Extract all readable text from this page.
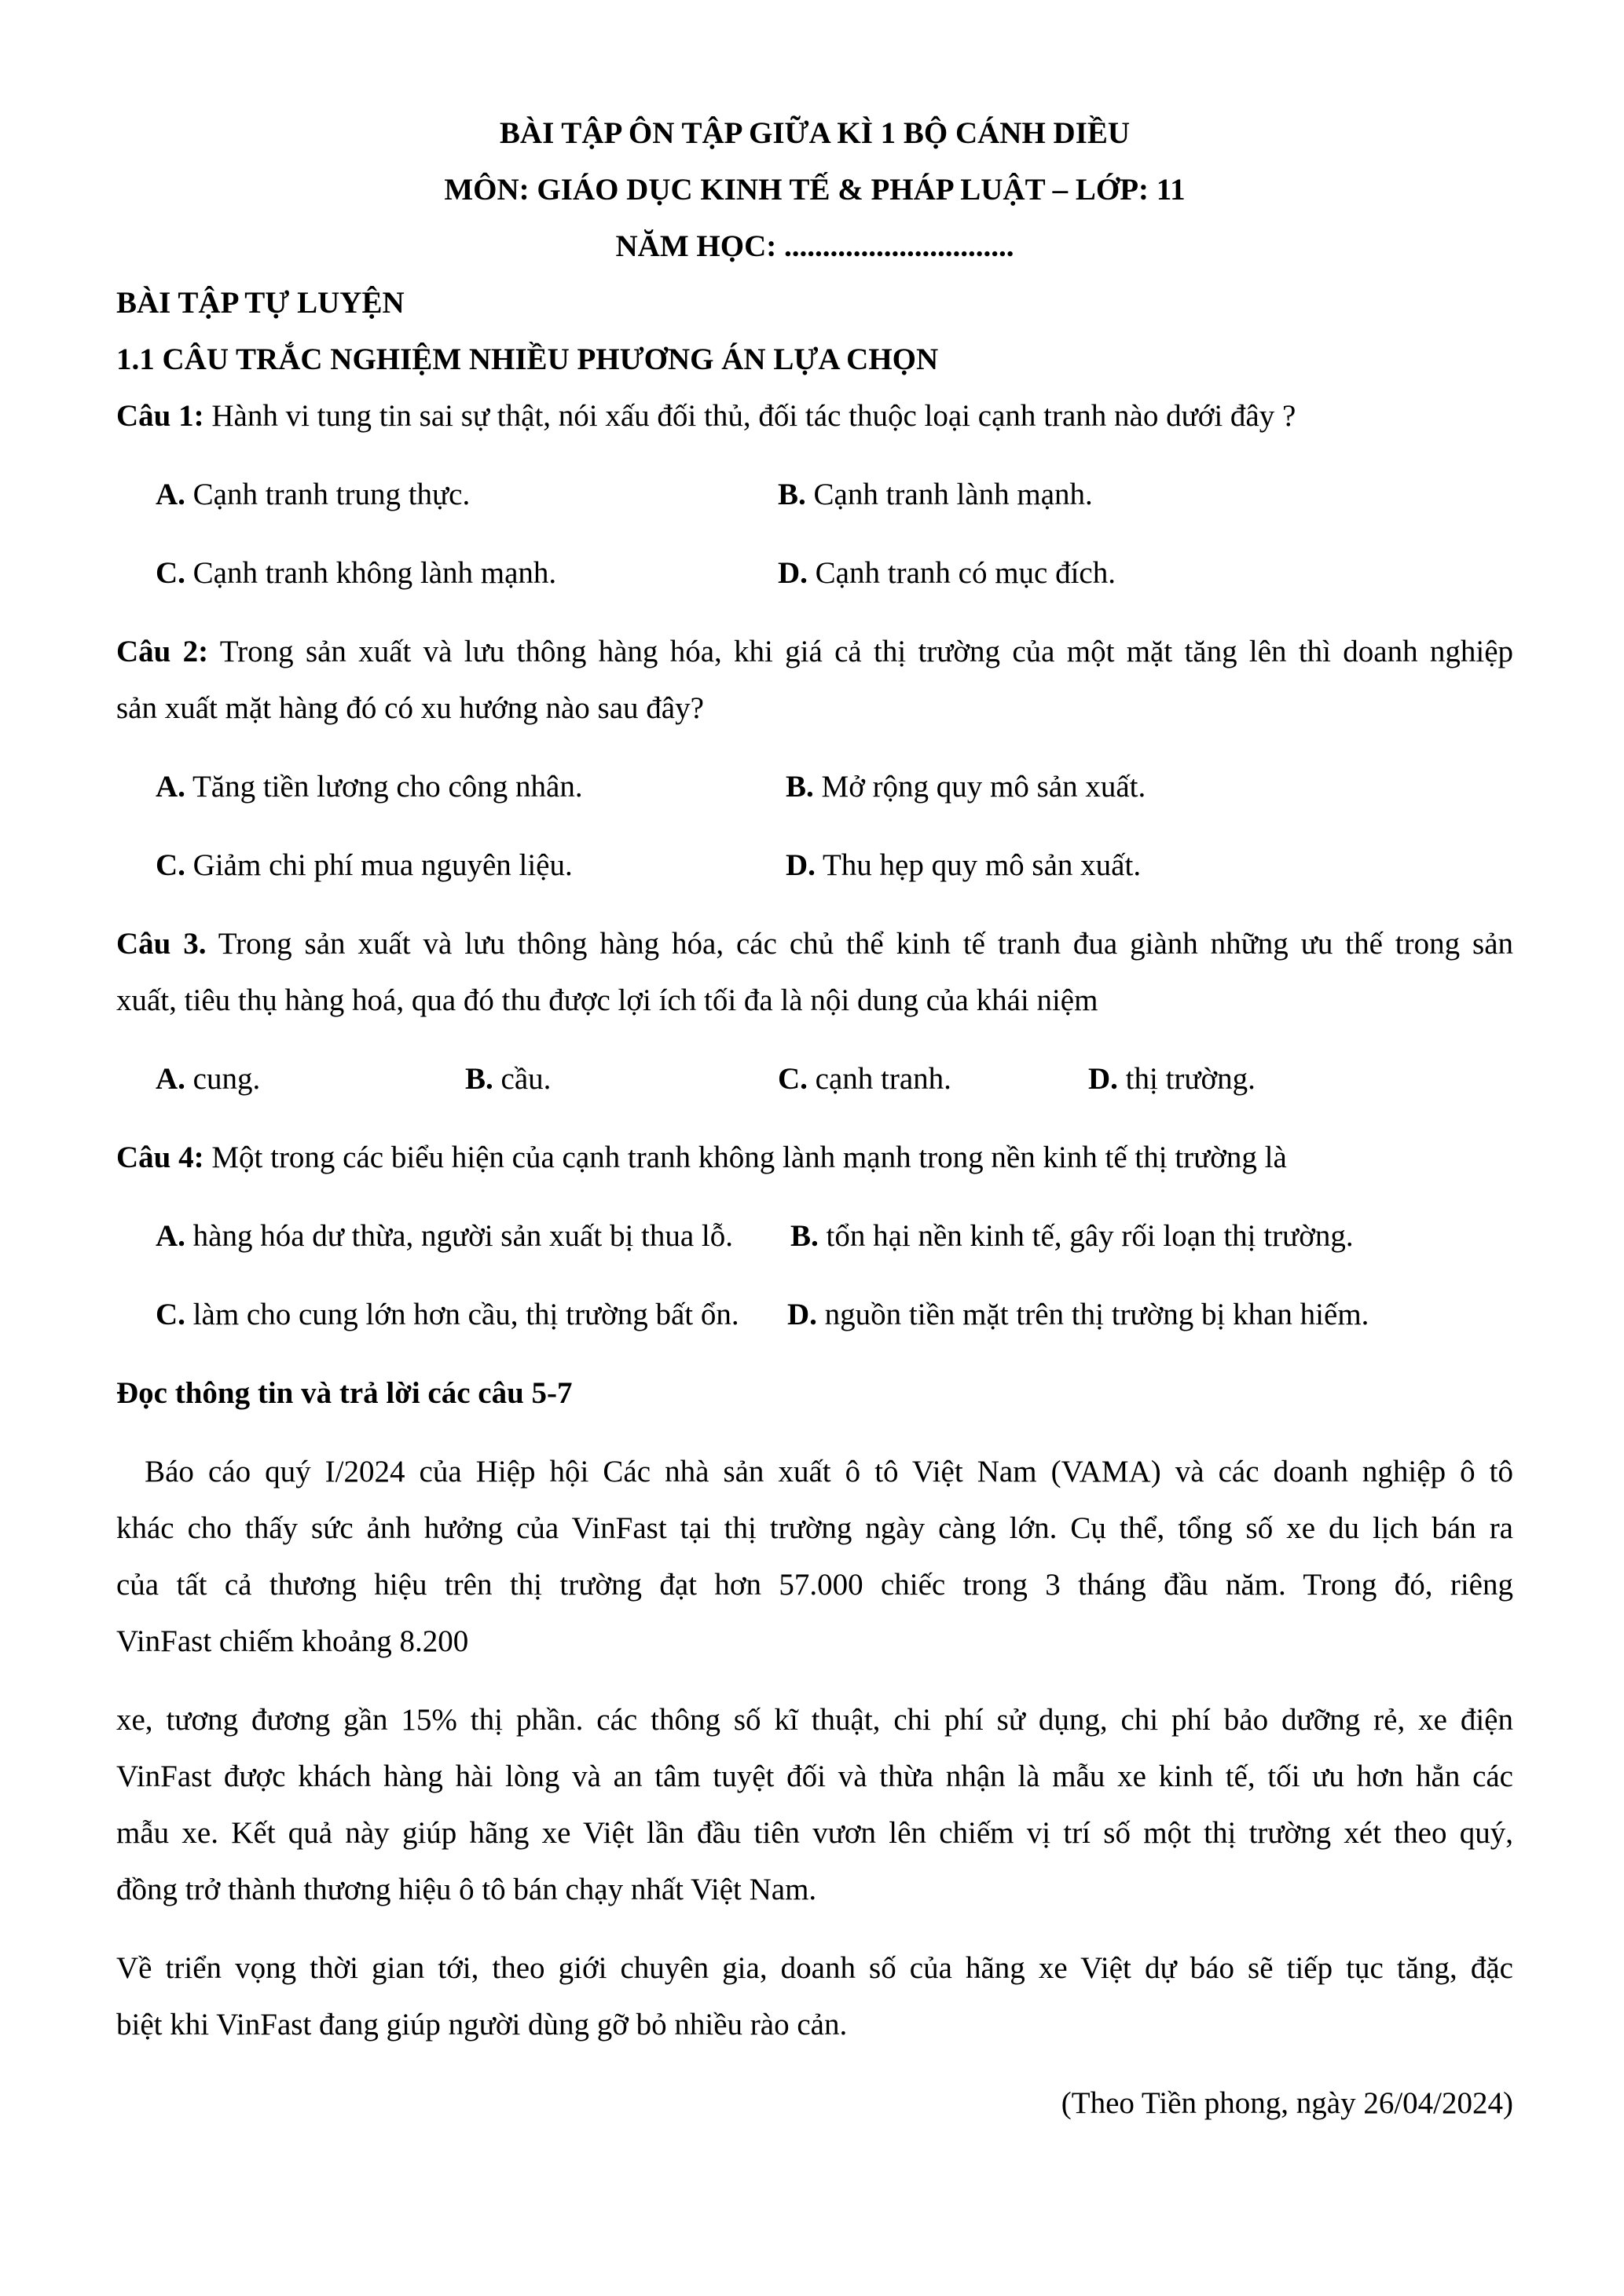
BÀI TẬP ÔN TẬP GIỮA KÌ 1 BỘ CÁNH DIỀU
MÔN: GIÁO DỤC KINH TẾ & PHÁP LUẬT – LỚP: 11
NĂM HỌC: ..............................
BÀI TẬP TỰ LUYỆN
1.1 CÂU TRẮC NGHIỆM NHIỀU PHƯƠNG ÁN LỰA CHỌN
Câu 1: Hành vi tung tin sai sự thật, nói xấu đối thủ, đối tác thuộc loại cạnh tranh nào dưới đây ?
A. Cạnh tranh trung thực.	B. Cạnh tranh lành mạnh.
C. Cạnh tranh không lành mạnh.	D. Cạnh tranh có mục đích.
Câu 2: Trong sản xuất và lưu thông hàng hóa, khi giá cả thị trường của một mặt tăng lên thì doanh nghiệp
sản xuất mặt hàng đó có xu hướng nào sau đây?
A. Tăng tiền lương cho công nhân.	B. Mở rộng quy mô sản xuất.
C. Giảm chi phí mua nguyên liệu.	D. Thu hẹp quy mô sản xuất.
Câu 3. Trong sản xuất và lưu thông hàng hóa, các chủ thể kinh tế tranh đua giành những ưu thế trong sản
xuất, tiêu thụ hàng hoá, qua đó thu được lợi ích tối đa là nội dung của khái niệm
A. cung.	B. cầu.	C. cạnh tranh.	D. thị trường.
Câu 4: Một trong các biểu hiện của cạnh tranh không lành mạnh trong nền kinh tế thị trường là
A. hàng hóa dư thừa, người sản xuất bị thua lỗ. B. tổn hại nền kinh tế, gây rối loạn thị trường.
C. làm cho cung lớn hơn cầu, thị trường bất ổn. D. nguồn tiền mặt trên thị trường bị khan hiếm.
Đọc thông tin và trả lời các câu 5-7
Báo cáo quý I/2024 của Hiệp hội Các nhà sản xuất ô tô Việt Nam (VAMA) và các doanh nghiệp ô tô
khác cho thấy sức ảnh hưởng của VinFast tại thị trường ngày càng lớn. Cụ thể, tổng số xe du lịch bán ra
của tất cả thương hiệu trên thị trường đạt hơn 57.000 chiếc trong 3 tháng đầu năm. Trong đó, riêng
VinFast chiếm khoảng 8.200
xe, tương đương gần 15% thị phần. các thông số kĩ thuật, chi phí sử dụng, chi phí bảo dưỡng rẻ, xe điện
VinFast được khách hàng hài lòng và an tâm tuyệt đối và thừa nhận là mẫu xe kinh tế, tối ưu hơn hẳn các
mẫu xe. Kết quả này giúp hãng xe Việt lần đầu tiên vươn lên chiếm vị trí số một thị trường xét theo quý,
đồng trở thành thương hiệu ô tô bán chạy nhất Việt Nam.
Về triển vọng thời gian tới, theo giới chuyên gia, doanh số của hãng xe Việt dự báo sẽ tiếp tục tăng, đặc
biệt khi VinFast đang giúp người dùng gỡ bỏ nhiều rào cản.
(Theo Tiền phong, ngày 26/04/2024)
